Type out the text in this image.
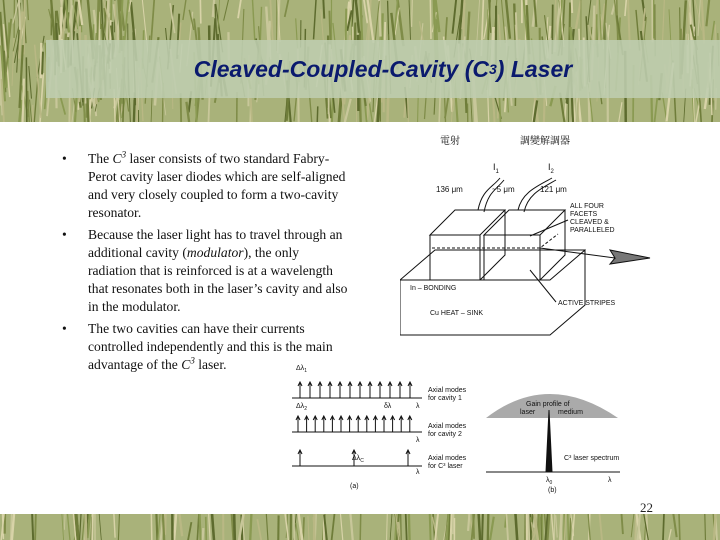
Cleaved-Coupled-Cavity (C 3 ) Laser
• The $C^3$ laser consists of two standard Fabry-Perot cavity laser diodes which are self-aligned and very closely coupled to form a two-cavity resonator.
• Because the laser light has to travel through an additional cavity (modulator), the only radiation that is reinforced is at a wavelength that resonates both in the laser’s cavity and also in the modulator.
• The two cavities can have their currents controlled independently and this is the main advantage of the $C^3$ laser.
電射	調變解調器
$I_1$	$I_2$
136 μm	~5 μm	121 μm
In – BONDING
Cu HEAT – SINK
ALL FOUR
FACETS
CLEAVED &
PARALLELED
ACTIVE STRIPES
$\Delta\lambda_1$
$\Delta\lambda_2$	δλ
$\Delta\lambda_C$
Axial modes
for cavity 1
Axial modes
for cavity 2
Axial modes
for C³ laser
λ
λ
λ
(a)
Gain profile of
laser	medium
C³ laser spectrum
$\lambda_0$	λ
(b)
22
